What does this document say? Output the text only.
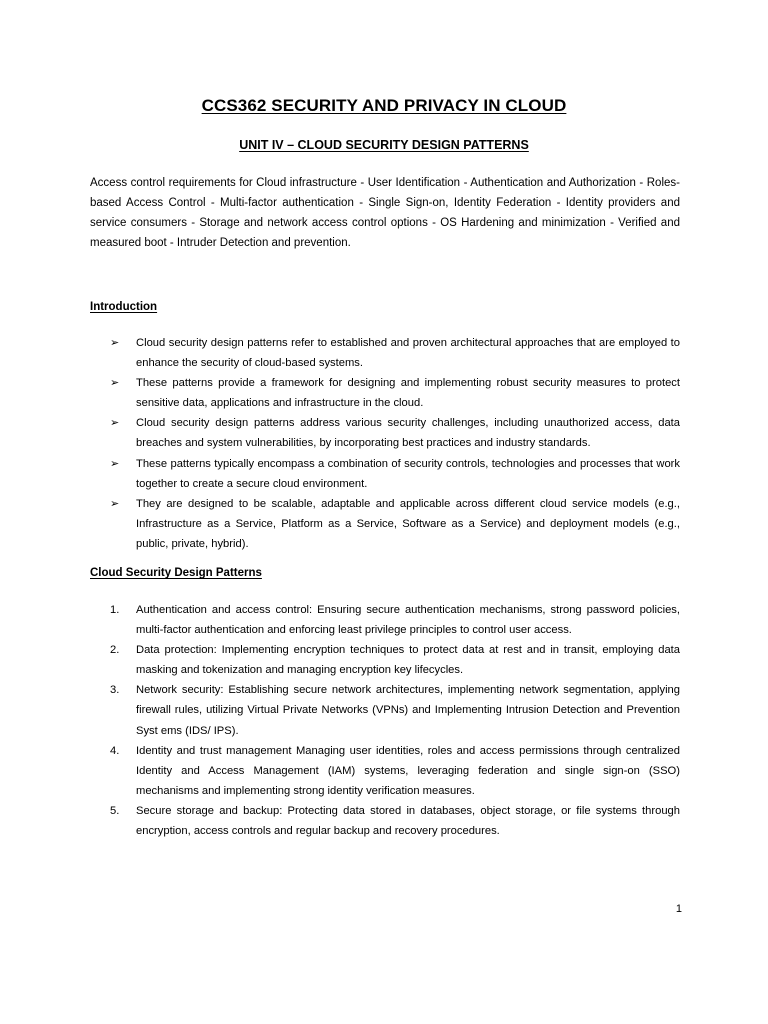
CCS362 SECURITY AND PRIVACY IN CLOUD
UNIT IV – CLOUD SECURITY DESIGN PATTERNS

Access control requirements for Cloud infrastructure - User Identification - Authentication and Authorization - Roles-based Access Control - Multi-factor authentication - Single Sign-on, Identity Federation - Identity providers and service consumers - Storage and network access control options - OS Hardening and minimization - Verified and measured boot - Intruder Detection and prevention.

Introduction

➢	Cloud security design patterns refer to established and proven architectural approaches that are employed to enhance the security of cloud-based systems.
➢	These patterns provide a framework for designing and implementing robust security measures to protect sensitive data, applications and infrastructure in the cloud.
➢	Cloud security design patterns address various security challenges, including unauthorized access, data breaches and system vulnerabilities, by incorporating best practices and industry standards.
➢	These patterns typically encompass a combination of security controls, technologies and processes that work together to create a secure cloud environment.
➢	They are designed to be scalable, adaptable and applicable across different cloud service models (e.g., Infrastructure as a Service, Platform as a Service, Software as a Service) and deployment models (e.g., public, private, hybrid).

Cloud Security Design Patterns

1.	Authentication and access control: Ensuring secure authentication mechanisms, strong password policies, multi-factor authentication and enforcing least privilege principles to control user access.
2.	Data protection: Implementing encryption techniques to protect data at rest and in transit, employing data masking and tokenization and managing encryption key lifecycles.
3.	Network security: Establishing secure network architectures, implementing network segmentation, applying firewall rules, utilizing Virtual Private Networks (VPNs) and Implementing Intrusion Detection and Prevention Syst ems (IDS/ IPS).
4.	Identity and trust management Managing user identities, roles and access permissions through centralized Identity and Access Management (IAM) systems, leveraging federation and single sign-on (SSO) mechanisms and implementing strong identity verification measures.
5.	Secure storage and backup: Protecting data stored in databases, object storage, or file systems through encryption, access controls and regular backup and recovery procedures.
1
